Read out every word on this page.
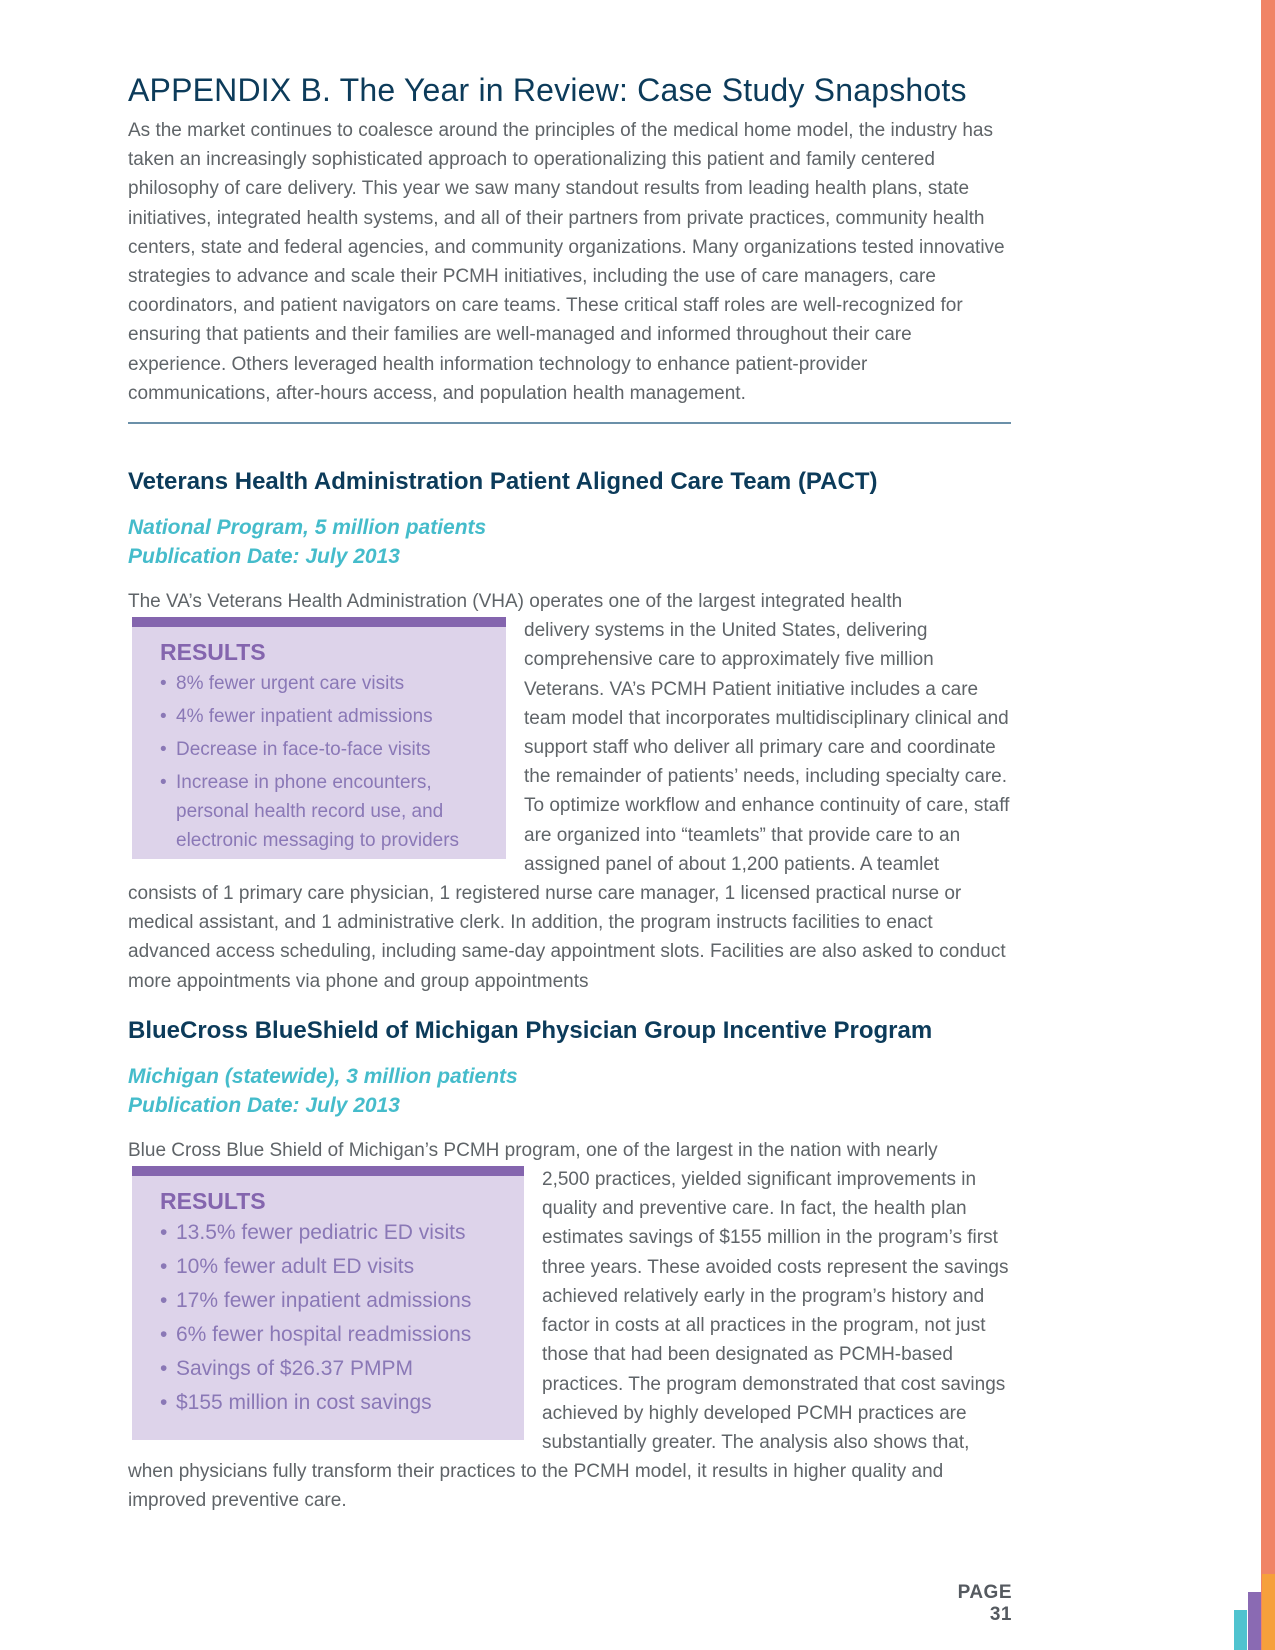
APPENDIX B. The Year in Review: Case Study Snapshots

As the market continues to coalesce around the principles of the medical home model, the industry has taken an increasingly sophisticated approach to operationalizing this patient and family centered philosophy of care delivery. This year we saw many standout results from leading health plans, state initiatives, integrated health systems, and all of their partners from private practices, community health centers, state and federal agencies, and community organizations. Many organizations tested innovative strategies to advance and scale their PCMH initiatives, including the use of care managers, care coordinators, and patient navigators on care teams. These critical staff roles are well-recognized for ensuring that patients and their families are well-managed and informed throughout their care experience. Others leveraged health information technology to enhance patient-provider communications, after-hours access, and population health management.

Veterans Health Administration Patient Aligned Care Team (PACT)
National Program, 5 million patients
Publication Date: July 2013

The VA’s Veterans Health Administration (VHA) operates one of the largest integrated health

RESULTS
• 8% fewer urgent care visits
• 4% fewer inpatient admissions
• Decrease in face-to-face visits
• Increase in phone encounters, personal health record use, and electronic messaging to providers

delivery systems in the United States, delivering comprehensive care to approximately five million Veterans. VA’s PCMH Patient initiative includes a care team model that incorporates multidisciplinary clinical and support staff who deliver all primary care and coordinate the remainder of patients’ needs, including specialty care. To optimize workflow and enhance continuity of care, staff are organized into “teamlets” that provide care to an assigned panel of about 1,200 patients. A teamlet consists of 1 primary care physician, 1 registered nurse care manager, 1 licensed practical nurse or medical assistant, and 1 administrative clerk. In addition, the program instructs facilities to enact advanced access scheduling, including same-day appointment slots. Facilities are also asked to conduct more appointments via phone and group appointments

BlueCross BlueShield of Michigan Physician Group Incentive Program
Michigan (statewide), 3 million patients
Publication Date: July 2013

Blue Cross Blue Shield of Michigan’s PCMH program, one of the largest in the nation with nearly

RESULTS
• 13.5% fewer pediatric ED visits
• 10% fewer adult ED visits
• 17% fewer inpatient admissions
• 6% fewer hospital readmissions
• Savings of $26.37 PMPM
• $155 million in cost savings

2,500 practices, yielded significant improvements in quality and preventive care. In fact, the health plan estimates savings of $155 million in the program’s first three years. These avoided costs represent the savings achieved relatively early in the program’s history and factor in costs at all practices in the program, not just those that had been designated as PCMH-based practices. The program demonstrated that cost savings achieved by highly developed PCMH practices are substantially greater. The analysis also shows that, when physicians fully transform their practices to the PCMH model, it results in higher quality and improved preventive care.

PAGE 31
